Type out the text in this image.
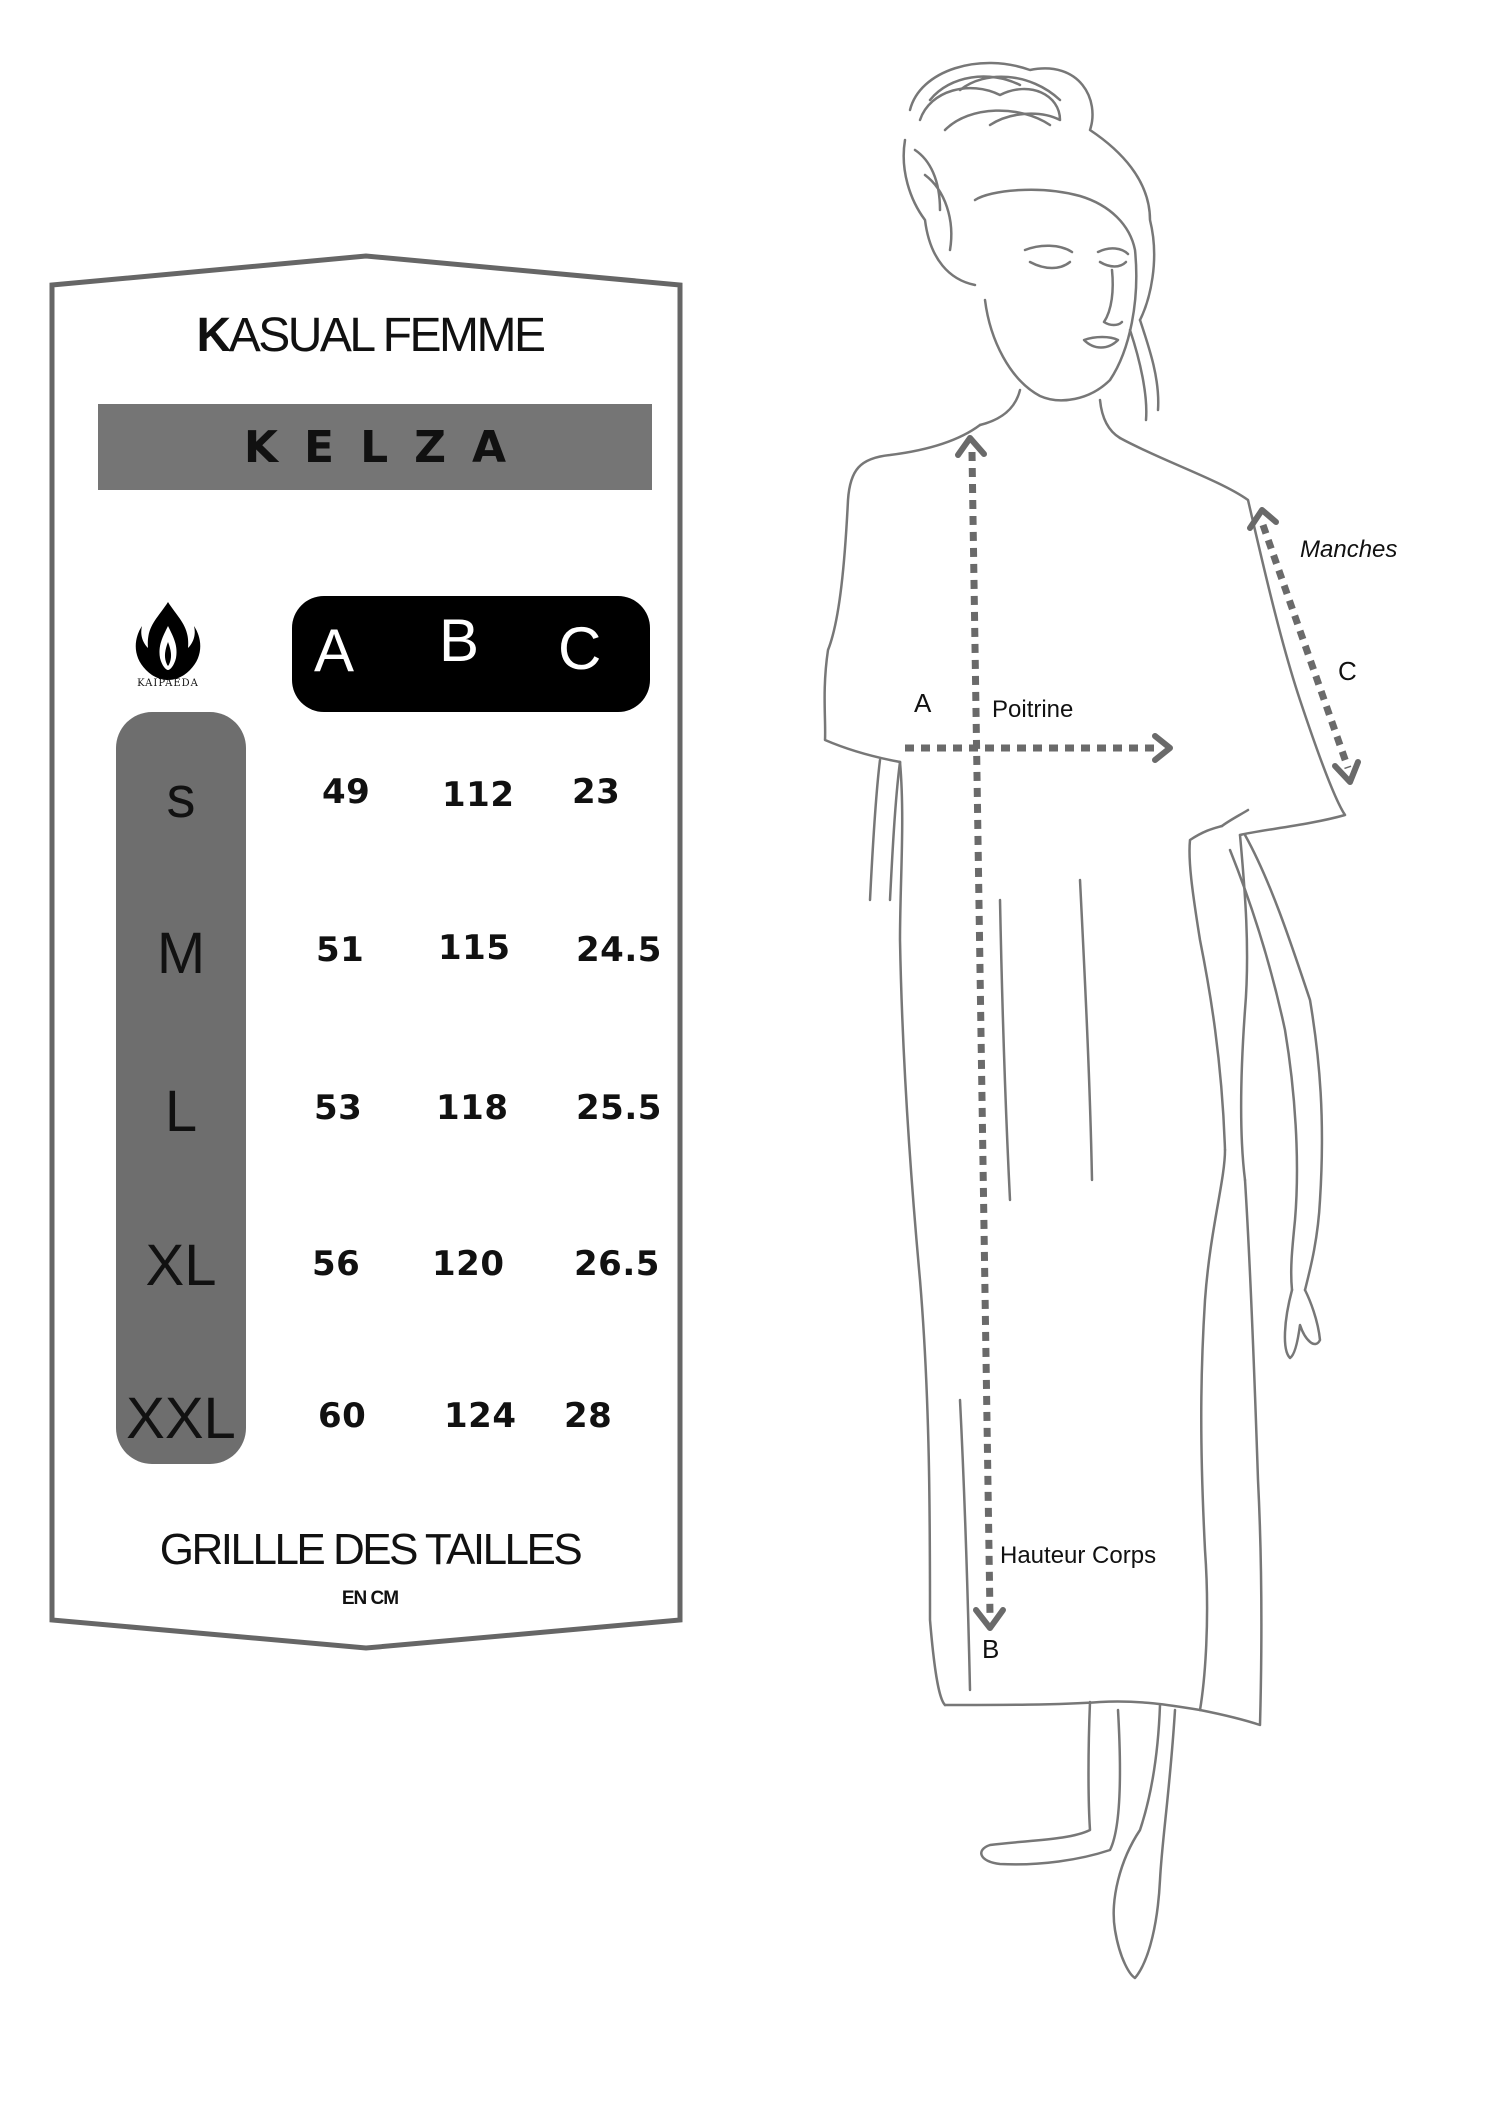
KASUAL FEMME
KELZA
KAIPAEDA	A B C
s
M
L
XL
XXL
49 112 23
51 115 24.5
53 118 25.5
56 120 26.5
60 124 28
GRILLLE DES TAILLES
EN CM
A	Poitrine
Manches
C
Hauteur Corps
B
